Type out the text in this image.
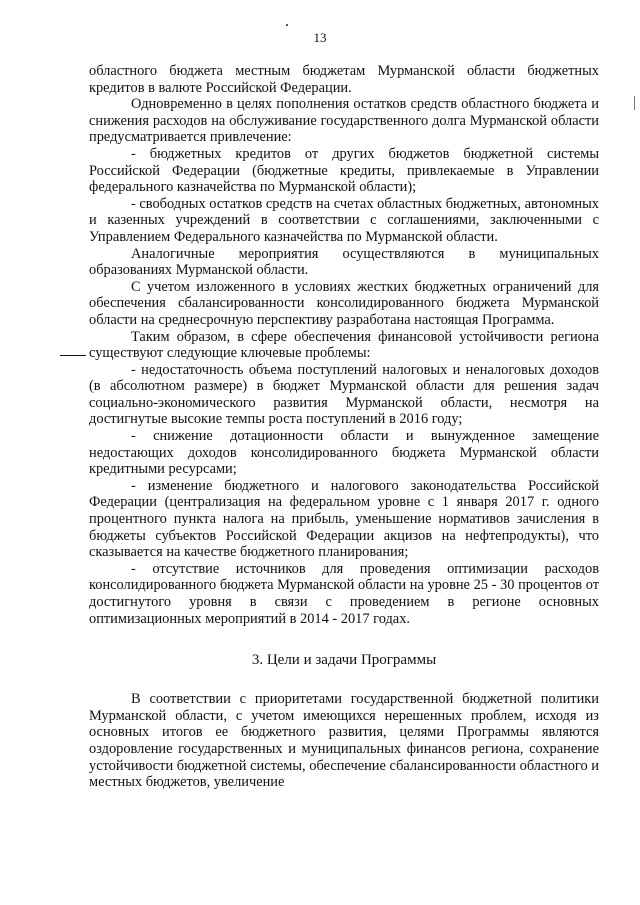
13

областного бюджета местным бюджетам Мурманской области бюджетных кредитов в валюте Российской Федерации.

Одновременно в целях пополнения остатков средств областного бюджета и снижения расходов на обслуживание государственного долга Мурманской области предусматривается привлечение:

- бюджетных кредитов от других бюджетов бюджетной системы Российской Федерации (бюджетные кредиты, привлекаемые в Управлении федерального казначейства по Мурманской области);

- свободных остатков средств на счетах областных бюджетных, автономных и казенных учреждений в соответствии с соглашениями, заключенными с Управлением Федерального казначейства по Мурманской области.

Аналогичные мероприятия осуществляются в муниципальных образованиях Мурманской области.

С учетом изложенного в условиях жестких бюджетных ограничений для обеспечения сбалансированности консолидированного бюджета Мурманской области на среднесрочную перспективу разработана настоящая Программа.

Таким образом, в сфере обеспечения финансовой устойчивости региона существуют следующие ключевые проблемы:

- недостаточность объема поступлений налоговых и неналоговых доходов (в абсолютном размере) в бюджет Мурманской области для решения задач социально-экономического развития Мурманской области, несмотря на достигнутые высокие темпы роста поступлений в 2016 году;

- снижение дотационности области и вынужденное замещение недостающих доходов консолидированного бюджета Мурманской области кредитными ресурсами;

- изменение бюджетного и налогового законодательства Российской Федерации (централизация на федеральном уровне с 1 января 2017 г. одного процентного пункта налога на прибыль, уменьшение нормативов зачисления в бюджеты субъектов Российской Федерации акцизов на нефтепродукты), что сказывается на качестве бюджетного планирования;

- отсутствие источников для проведения оптимизации расходов консолидированного бюджета Мурманской области на уровне 25 - 30 процентов от достигнутого уровня в связи с проведением в регионе основных оптимизационных мероприятий в 2014 - 2017 годах.

3. Цели и задачи Программы

В соответствии с приоритетами государственной бюджетной политики Мурманской области, с учетом имеющихся нерешенных проблем, исходя из основных итогов ее бюджетного развития, целями Программы являются оздоровление государственных и муниципальных финансов региона, сохранение устойчивости бюджетной системы, обеспечение сбалансированности областного и местных бюджетов, увеличение
